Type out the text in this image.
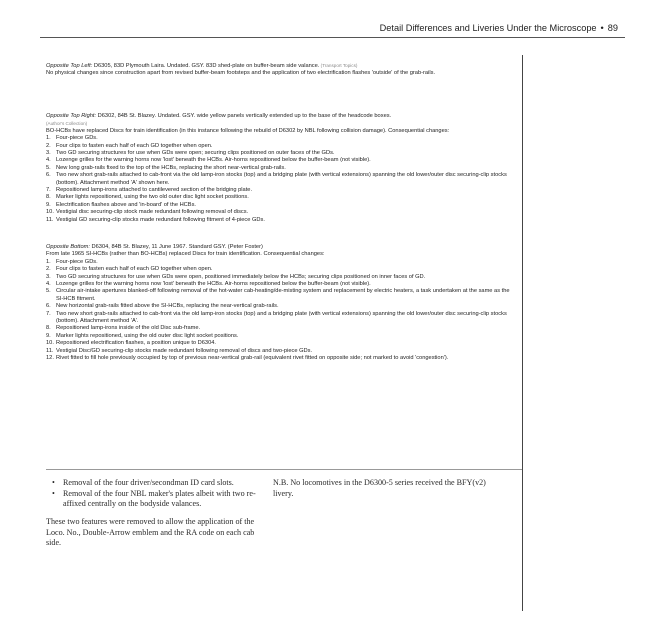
Detail Differences and Liveries Under the Microscope • 89

Opposite Top Left: D6305, 83D Plymouth Laira. Undated. GSY. 83D shed-plate on buffer-beam side valance. (Transport Topics)

No physical changes since construction apart from revised buffer-beam footsteps and the application of two electrification flashes 'outside' of the grab-rails.

Opposite Top Right: D6302, 84B St. Blazey. Undated. GSY. wide yellow panels vertically extended up to the base of the headcode boxes.

(Author's Collection)

BO-HCBs have replaced Discs for train identification (in this instance following the rebuild of D6302 by NBL following collision damage). Consequential changes:

1. Four-piece GDs.
2. Four clips to fasten each half of each GD together when open.
3. Two GD securing structures for use when GDs were open; securing clips positioned on outer faces of the GDs.
4. Lozenge grilles for the warning horns now 'lost' beneath the HCBs. Air-horns repositioned below the buffer-beam (not visible).
5. New long grab-rails fixed to the top of the HCBs, replacing the short near-vertical grab-rails.
6. Two new short grab-rails attached to cab-front via the old lamp-iron stocks (top) and a bridging plate (with vertical extensions) spanning the old lower/outer disc securing-clip stocks (bottom). Attachment method 'A' shown here.
7. Repositioned lamp-irons attached to cantilevered section of the bridging plate.
8. Marker lights repositioned, using the two old outer disc light socket positions.
9. Electrification flashes above and 'in-board' of the HCBs.
10. Vestigial disc securing-clip stock made redundant following removal of discs.
11. Vestigial GD securing-clip stocks made redundant following fitment of 4-piece GDs.

Opposite Bottom: D6304, 84B St. Blazey, 11 June 1967. Standard GSY. (Peter Foster)

From late 1965 SI-HCBs (rather than BO-HCBs) replaced Discs for train identification. Consequential changes:

1. Four-piece GDs.
2. Four clips to fasten each half of each GD together when open.
3. Two GD securing structures for use when GDs were open, positioned immediately below the HCBs; securing clips positioned on inner faces of GD.
4. Lozenge grilles for the warning horns now 'lost' beneath the HCBs. Air-horns repositioned below the buffer-beam (not visible).
5. Circular air-intake apertures blanked-off following removal of the hot-water cab-heating/de-misting system and replacement by electric heaters, a task undertaken at the same as the SI-HCB fitment.
6. New horizontal grab-rails fitted above the SI-HCBs, replacing the near-vertical grab-rails.
7. Two new short grab-rails attached to cab-front via the old lamp-iron stocks (top) and a bridging plate (with vertical extensions) spanning the old lower/outer disc securing-clip stocks (bottom). Attachment method 'A'.
8. Repositioned lamp-irons inside of the old Disc sub-frame.
9. Marker lights repositioned, using the old outer disc light socket positions.
10. Repositioned electrification flashes, a position unique to D6304.
11. Vestigial Disc/GD securing-clip stocks made redundant following removal of discs and two-piece GDs.
12. Rivet fitted to fill hole previously occupied by top of previous near-vertical grab-rail (equivalent rivet fitted on opposite side; not marked to avoid 'congestion').
•	Removal of the four driver/secondman ID card slots.
•	Removal of the four NBL maker's plates albeit with two re-affixed centrally on the bodyside valances.

These two features were removed to allow the application of the Loco. No., Double-Arrow emblem and the RA code on each cab side.

N.B. No locomotives in the D6300-5 series received the BFY(v2) livery.
